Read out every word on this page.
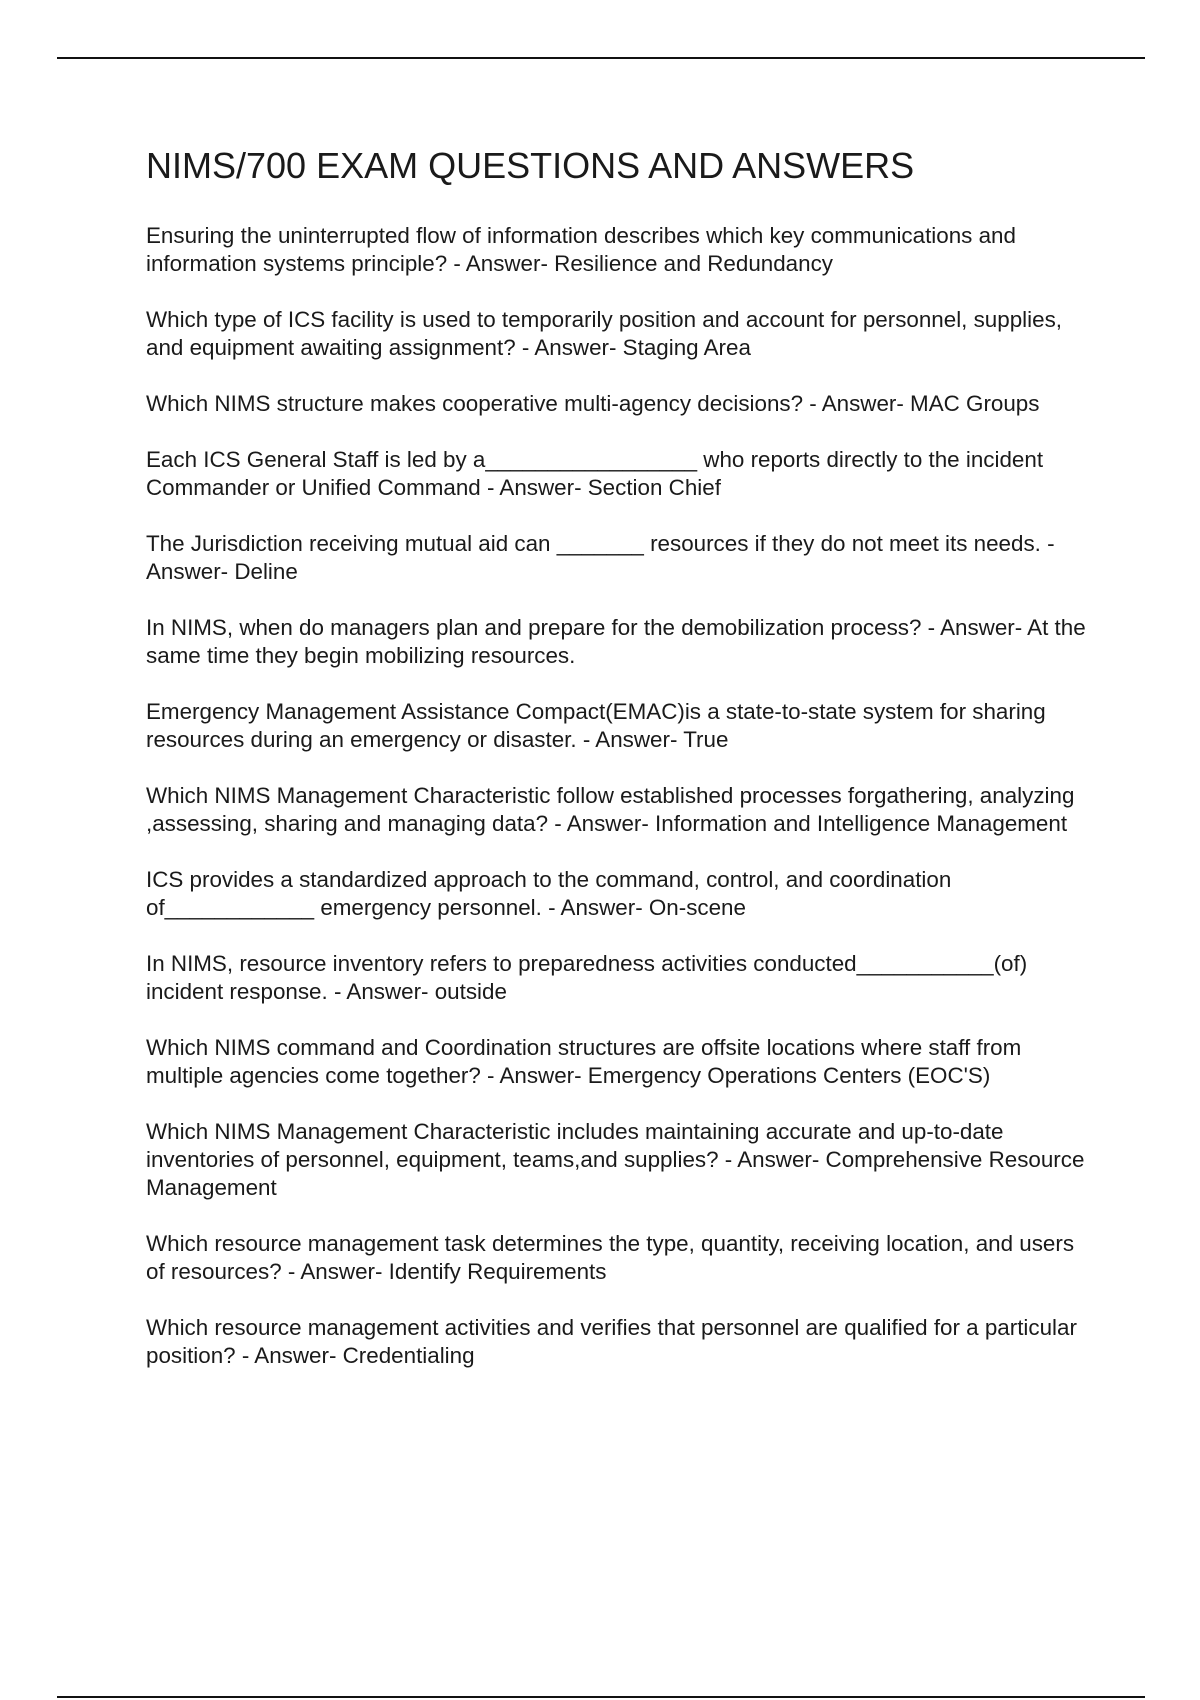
NIMS/700 EXAM QUESTIONS AND ANSWERS

Ensuring the uninterrupted flow of information describes which key communications and information systems principle? - Answer- Resilience and Redundancy

Which type of ICS facility is used to temporarily position and account for personnel, supplies, and equipment awaiting assignment? - Answer- Staging Area

Which NIMS structure makes cooperative multi-agency decisions? - Answer- MAC Groups

Each ICS General Staff is led by a_________________ who reports directly to the incident Commander or Unified Command - Answer- Section Chief

The Jurisdiction receiving mutual aid can _______ resources if they do not meet its needs. - Answer- Deline

In NIMS, when do managers plan and prepare for the demobilization process? - Answer- At the same time they begin mobilizing resources.

Emergency Management Assistance Compact(EMAC)is a state-to-state system for sharing resources during an emergency or disaster. - Answer- True

Which NIMS Management Characteristic follow established processes forgathering, analyzing ,assessing, sharing and managing data? - Answer- Information and Intelligence Management

ICS provides a standardized approach to the command, control, and coordination of____________ emergency personnel. - Answer- On-scene

In NIMS, resource inventory refers to preparedness activities conducted___________(of) incident response. - Answer- outside

Which NIMS command and Coordination structures are offsite locations where staff from multiple agencies come together? - Answer- Emergency Operations Centers (EOC'S)

Which NIMS Management Characteristic includes maintaining accurate and up-to-date inventories of personnel, equipment, teams,and supplies? - Answer- Comprehensive Resource Management

Which resource management task determines the type, quantity, receiving location, and users of resources? - Answer- Identify Requirements

Which resource management activities and verifies that personnel are qualified for a particular position? - Answer- Credentialing
